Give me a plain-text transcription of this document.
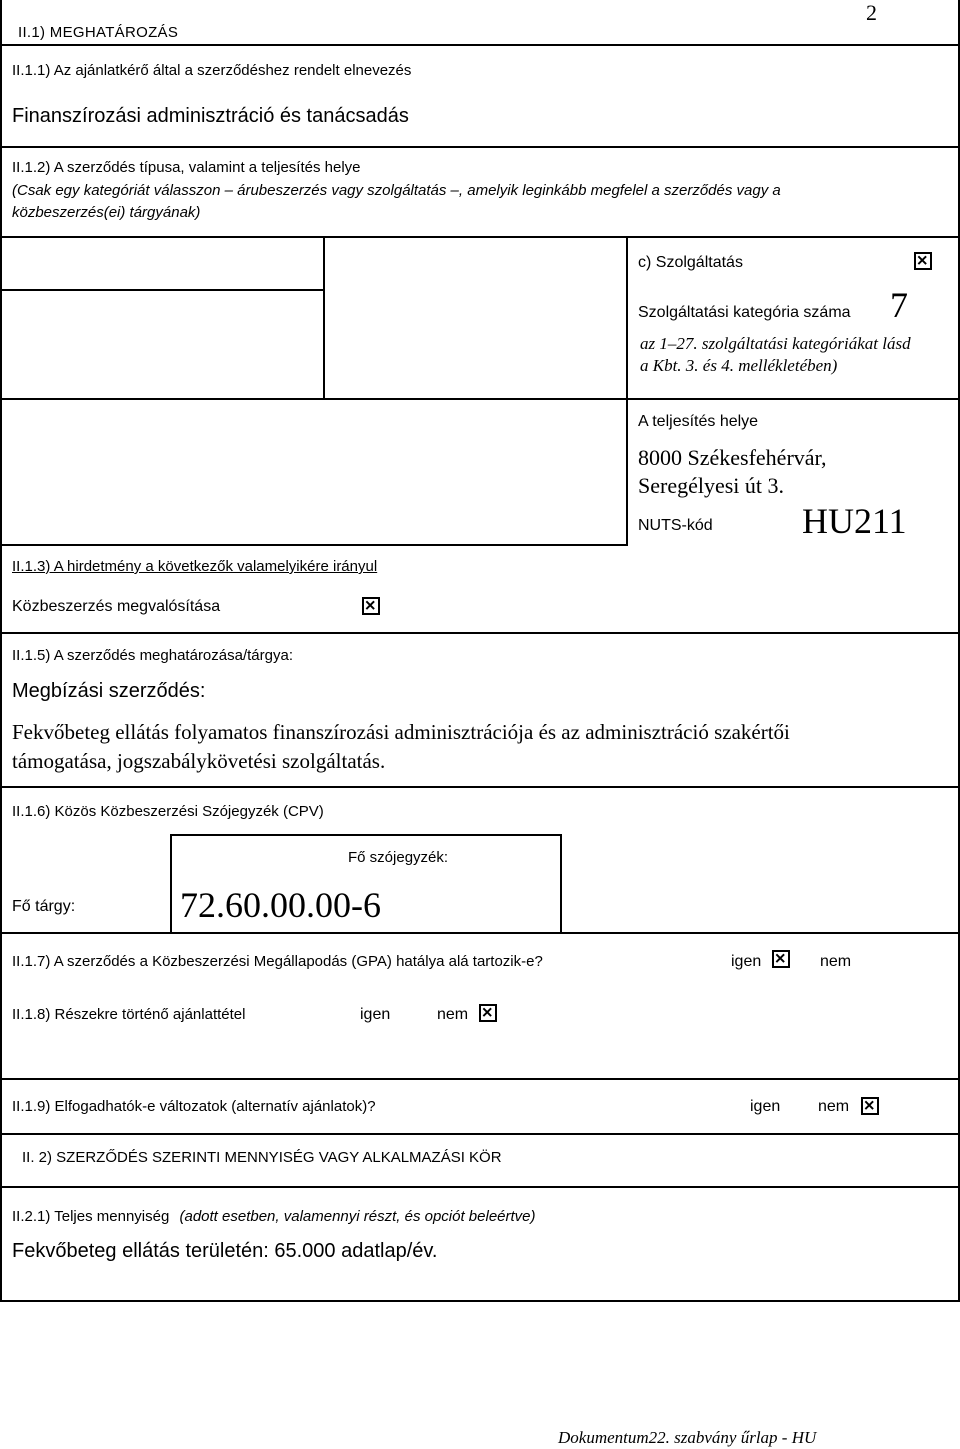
2
II.1) MEGHATÁROZÁS
II.1.1) Az ajánlatkérő által a szerződéshez rendelt elnevezés
Finanszírozási adminisztráció és tanácsadás
II.1.2) A szerződés típusa, valamint a teljesítés helye
(Csak egy kategóriát válasszon – árubeszerzés vagy szolgáltatás –, amelyik leginkább megfelel a szerződés vagy a
közbeszerzés(ei) tárgyának)
c) Szolgáltatás
Szolgáltatási kategória száma 7
az 1–27. szolgáltatási kategóriákat lásd
a Kbt. 3. és 4. mellékletében)
A teljesítés helye
8000 Székesfehérvár,
Seregélyesi út 3.
NUTS-kód HU211
II.1.3) A hirdetmény a következők valamelyikére irányul
Közbeszerzés megvalósítása
II.1.5) A szerződés meghatározása/tárgya:
Megbízási szerződés:
Fekvőbeteg ellátás folyamatos finanszírozási adminisztrációja és az adminisztráció szakértői
támogatása, jogszabálykövetési szolgáltatás.
II.1.6) Közös Közbeszerzési Szójegyzék (CPV)
Fő szójegyzék:
Fő tárgy:	72.60.00.00-6
II.1.7) A szerződés a Közbeszerzési Megállapodás (GPA) hatálya alá tartozik-e?	igen	nem
II.1.8) Részekre történő ajánlattétel	igen	nem
II.1.9) Elfogadhatók-e változatok (alternatív ajánlatok)?	igen nem
II. 2) SZERZŐDÉS SZERINTI MENNYISÉG VAGY ALKALMAZÁSI KÖR
II.2.1) Teljes mennyiség (adott esetben, valamennyi részt, és opciót beleértve)
Fekvőbeteg ellátás területén: 65.000 adatlap/év.
Dokumentum22. szabvány űrlap - HU
